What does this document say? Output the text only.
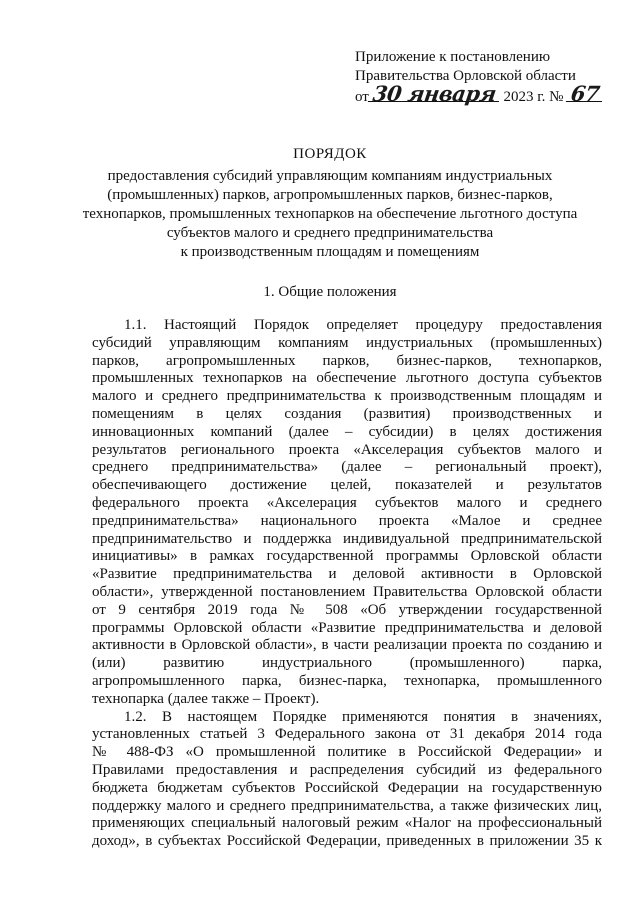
Приложение к постановлению
Правительства Орловской области
от 30 января 2023 г. № 67
ПОРЯДОК
предоставления субсидий управляющим компаниям индустриальных
(промышленных) парков, агропромышленных парков, бизнес-парков,
технопарков, промышленных технопарков на обеспечение льготного доступа
субъектов малого и среднего предпринимательства
к производственным площадям и помещениям
1. Общие положения
1.1. Настоящий Порядок определяет процедуру предоставления
субсидий управляющим компаниям индустриальных (промышленных)
парков, агропромышленных парков, бизнес-парков, технопарков,
промышленных технопарков на обеспечение льготного доступа субъектов
малого и среднего предпринимательства к производственным площадям и
помещениям в целях создания (развития) производственных и
инновационных компаний (далее – субсидии) в целях достижения
результатов регионального проекта «Акселерация субъектов малого и
среднего предпринимательства» (далее – региональный проект),
обеспечивающего достижение целей, показателей и результатов
федерального проекта «Акселерация субъектов малого и среднего
предпринимательства» национального проекта «Малое и среднее
предпринимательство и поддержка индивидуальной предпринимательской
инициативы» в рамках государственной программы Орловской области
«Развитие предпринимательства и деловой активности в Орловской
области», утвержденной постановлением Правительства Орловской области
от 9 сентября 2019 года № 508 «Об утверждении государственной
программы Орловской области «Развитие предпринимательства и деловой
активности в Орловской области», в части реализации проекта по созданию и
(или) развитию индустриального (промышленного) парка,
агропромышленного парка, бизнес-парка, технопарка, промышленного
технопарка (далее также – Проект).
1.2. В настоящем Порядке применяются понятия в значениях,
установленных статьей 3 Федерального закона от 31 декабря 2014 года
№ 488-ФЗ «О промышленной политике в Российской Федерации» и
Правилами предоставления и распределения субсидий из федерального
бюджета бюджетам субъектов Российской Федерации на государственную
поддержку малого и среднего предпринимательства, а также физических лиц,
применяющих специальный налоговый режим «Налог на профессиональный
доход», в субъектах Российской Федерации, приведенных в приложении 35 к
